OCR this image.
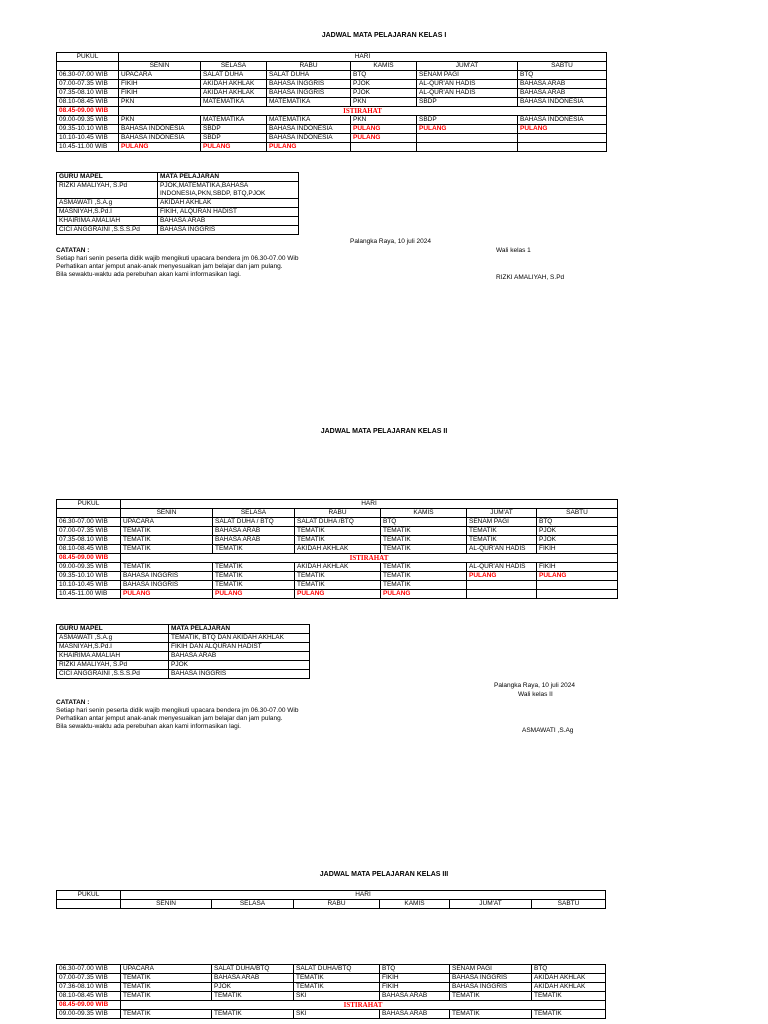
JADWAL MATA PELAJARAN KELAS I
PUKUL	HARI					
	SENIN	SELASA	RABU	KAMIS	JUM'AT	SABTU
06.30-07.00 WIB	UPACARA	SALAT DUHA	SALAT DUHA	BTQ	SENAM PAGI	BTQ
07.00-07.35 WIB	FIKIH	AKIDAH AKHLAK	BAHASA INGGRIS	PJOK	AL-QUR'AN HADIS	BAHASA ARAB
07.35-08.10 WIB	FIKIH	AKIDAH AKHLAK	BAHASA INGGRIS	PJOK	AL-QUR'AN HADIS	BAHASA ARAB
08.10-08.45 WIB	PKN	MATEMATIKA	MATEMATIKA	PKN	SBDP	BAHASA INDONESIA
08.45-09.00 WIB	ISTIRAHAT					
09.00-09.35 WIB	PKN	MATEMATIKA	MATEMATIKA	PKN	SBDP	BAHASA INDONESIA
09.35-10.10 WIB	BAHASA INDONESIA	SBDP	BAHASA INDONESIA	PULANG	PULANG	PULANG
10.10-10.45 WIB	BAHASA INDONESIA	SBDP	BAHASA INDONESIA	PULANG		
10.45-11.00 WIB	PULANG	PULANG	PULANG			
GURU MAPEL	MATA PELAJARAN
RIZKI AMALIYAH, S.Pd	PJOK,MATEMATIKA,BAHASA INDONESIA,PKN,SBDP, BTQ,PJOK
ASMAWATI ,S.A.g	AKIDAH AKHLAK
MASNIYAH,S.Pd.I	FIKIH, ALQURAN HADIST
KHAIRIMA AMALIAH	BAHASA ARAB
CICI ANGGRAINI ,S.S.S.Pd	BAHASA INGGRIS
Palangka Raya, 10 juli 2024
Wali kelas 1
RIZKI AMALIYAH, S.Pd
CATATAN :
Setiap hari senin peserta didik wajib mengikuti upacara bendera jm 06.30-07.00 Wib
Perhatikan antar jemput anak-anak menyesuaikan jam belajar dan jam pulang.
Bila sewaktu-waktu ada perebuhan akan kami informasikan lagi.
JADWAL MATA PELAJARAN KELAS II
PUKUL	HARI					
	SENIN	SELASA	RABU	KAMIS	JUM'AT	SABTU
06.30-07.00 WIB	UPACARA	SALAT DUHA / BTQ	SALAT DUHA /BTQ	BTQ	SENAM PAGI	BTQ
07.00-07.35 WIB	TEMATIK	BAHASA ARAB	TEMATIK	TEMATIK	TEMATIK	PJOK
07.35-08.10 WIB	TEMATIK	BAHASA ARAB	TEMATIK	TEMATIK	TEMATIK	PJOK
08.10-08.45 WIB	TEMATIK	TEMATIK	AKIDAH AKHLAK	TEMATIK	AL-QUR'AN HADIS	FIKIH
08.45-09.00 WIB	ISTIRAHAT					
09.00-09.35 WIB	TEMATIK	TEMATIK	AKIDAH AKHLAK	TEMATIK	AL-QUR'AN HADIS	FIKIH
09.35-10.10 WIB	BAHASA INGGRIS	TEMATIK	TEMATIK	TEMATIK	PULANG	PULANG
10.10-10.45 WIB	BAHASA INGGRIS	TEMATIK	TEMATIK	TEMATIK		
10.45-11.00 WIB	PULANG	PULANG	PULANG	PULANG		
GURU MAPEL	MATA PELAJARAN
ASMAWATI ,S.A.g	TEMATIK, BTQ DAN AKIDAH AKHLAK
MASNIYAH,S.Pd.I	FIKIH DAN ALQURAN HADIST
KHAIRIMA AMALIAH	BAHASA ARAB
RIZKI AMALIYAH, S.Pd	PJOK
CICI ANGGRAINI ,S.S.S.Pd	BAHASA INGGRIS
Palangka Raya, 10 juli 2024
Wali kelas II
ASMAWATI ,S.Ag
CATATAN :
Setiap hari senin peserta didik wajib mengikuti upacara bendera jm 06.30-07.00 Wib
Perhatikan antar jemput anak-anak menyesuaikan jam belajar dan jam pulang.
Bila sewaktu-waktu ada perebuhan akan kami informasikan lagi.
JADWAL MATA PELAJARAN KELAS III
PUKUL	HARI					
	SENIN	SELASA	RABU	KAMIS	JUM'AT	SABTU
06.30-07.00 WIB	UPACARA	SALAT DUHA/BTQ	SALAT DUHA/BTQ	BTQ	SENAM PAGI	BTQ
07.00-07.35 WIB	TEMATIK	BAHASA ARAB	TEMATIK	FIKIH	BAHASA INGGRIS	AKIDAH AKHLAK
07.36-08.10 WIB	TEMATIK	PJOK	TEMATIK	FIKIH	BAHASA INGGRIS	AKIDAH AKHLAK
08.10-08.45 WIB	TEMATIK	TEMATIK	SKI	BAHASA ARAB	TEMATIK	TEMATIK
08.45-09.00 WIB	ISTIRAHAT					
09.00-09.35 WIB	TEMATIK	TEMATIK	SKI	BAHASA ARAB	TEMATIK	TEMATIK
